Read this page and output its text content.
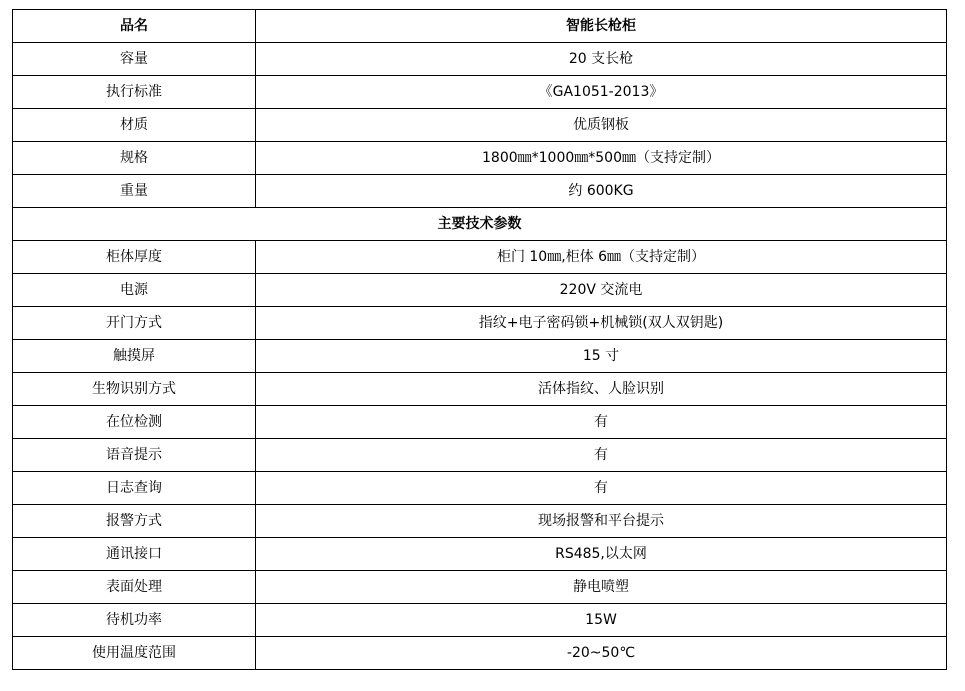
品名	智能长枪柜
容量	20 支长枪
执行标准	《GA1051-2013》
材质	优质钢板
规格	1800㎜*1000㎜*500㎜（支持定制）
重量	约 600KG
主要技术参数	
柜体厚度	柜门 10㎜,柜体 6㎜（支持定制）
电源	220V 交流电
开门方式	指纹+电子密码锁+机械锁(双人双钥匙)
触摸屏	15 寸
生物识别方式	活体指纹、人脸识别
在位检测	有
语音提示	有
日志查询	有
报警方式	现场报警和平台提示
通讯接口	RS485,以太网
表面处理	静电喷塑
待机功率	15W
使用温度范围	-20~50℃
